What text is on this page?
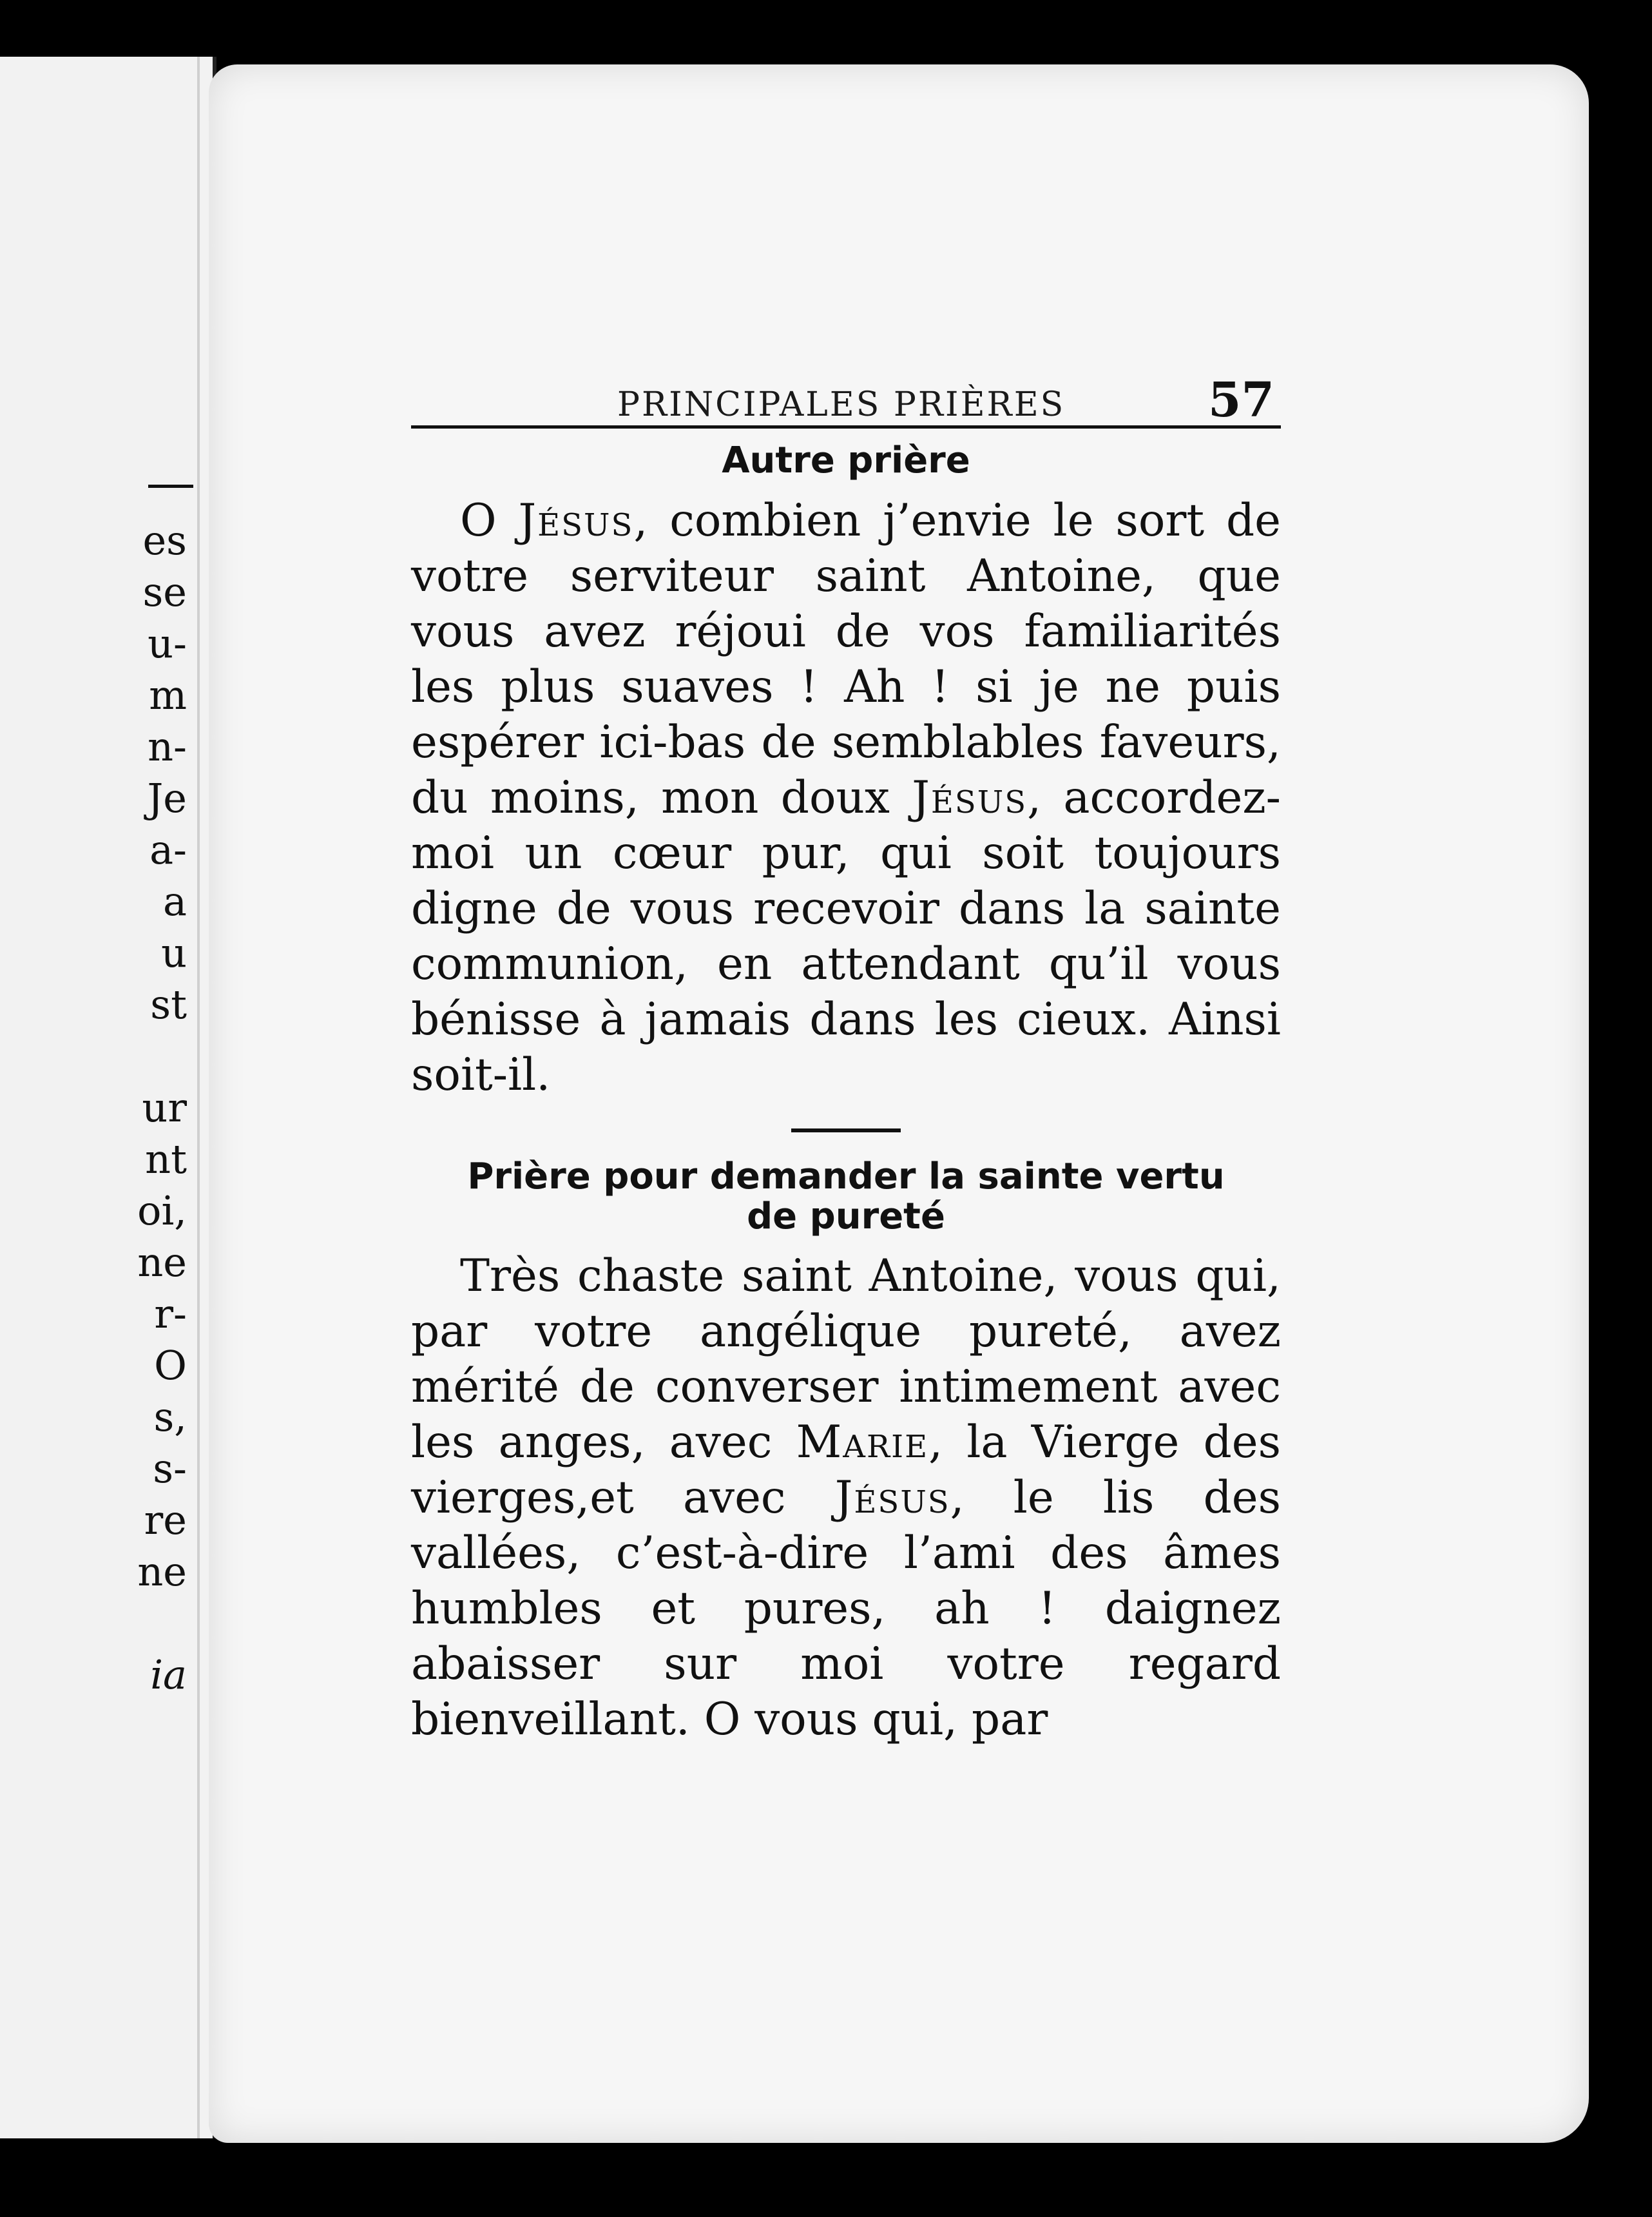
es
se
u-
m
n-
Je
a-
a
u
st
ur
nt
oi,
ne
r-
O
s,
s-
re
ne
ia
PRINCIPALES PRIÈRES	57
Autre prière

O Jésus, combien j’envie le sort de votre serviteur saint Antoine, que vous avez réjoui de vos familiarités les plus suaves ! Ah ! si je ne puis espérer ici-bas de semblables faveurs, du moins, mon doux Jésus, accordez-moi un cœur pur, qui soit toujours digne de vous recevoir dans la sainte communion, en attendant qu’il vous bénisse à jamais dans les cieux. Ainsi soit-il.

Prière pour demander la sainte vertu
de pureté

Très chaste saint Antoine, vous qui, par votre angélique pureté, avez mérité de converser intimement avec les anges, avec Marie, la Vierge des vierges,et avec Jésus, le lis des vallées, c’est-à-dire l’ami des âmes humbles et pures, ah ! daignez abaisser sur moi votre regard bienveillant. O vous qui, par
